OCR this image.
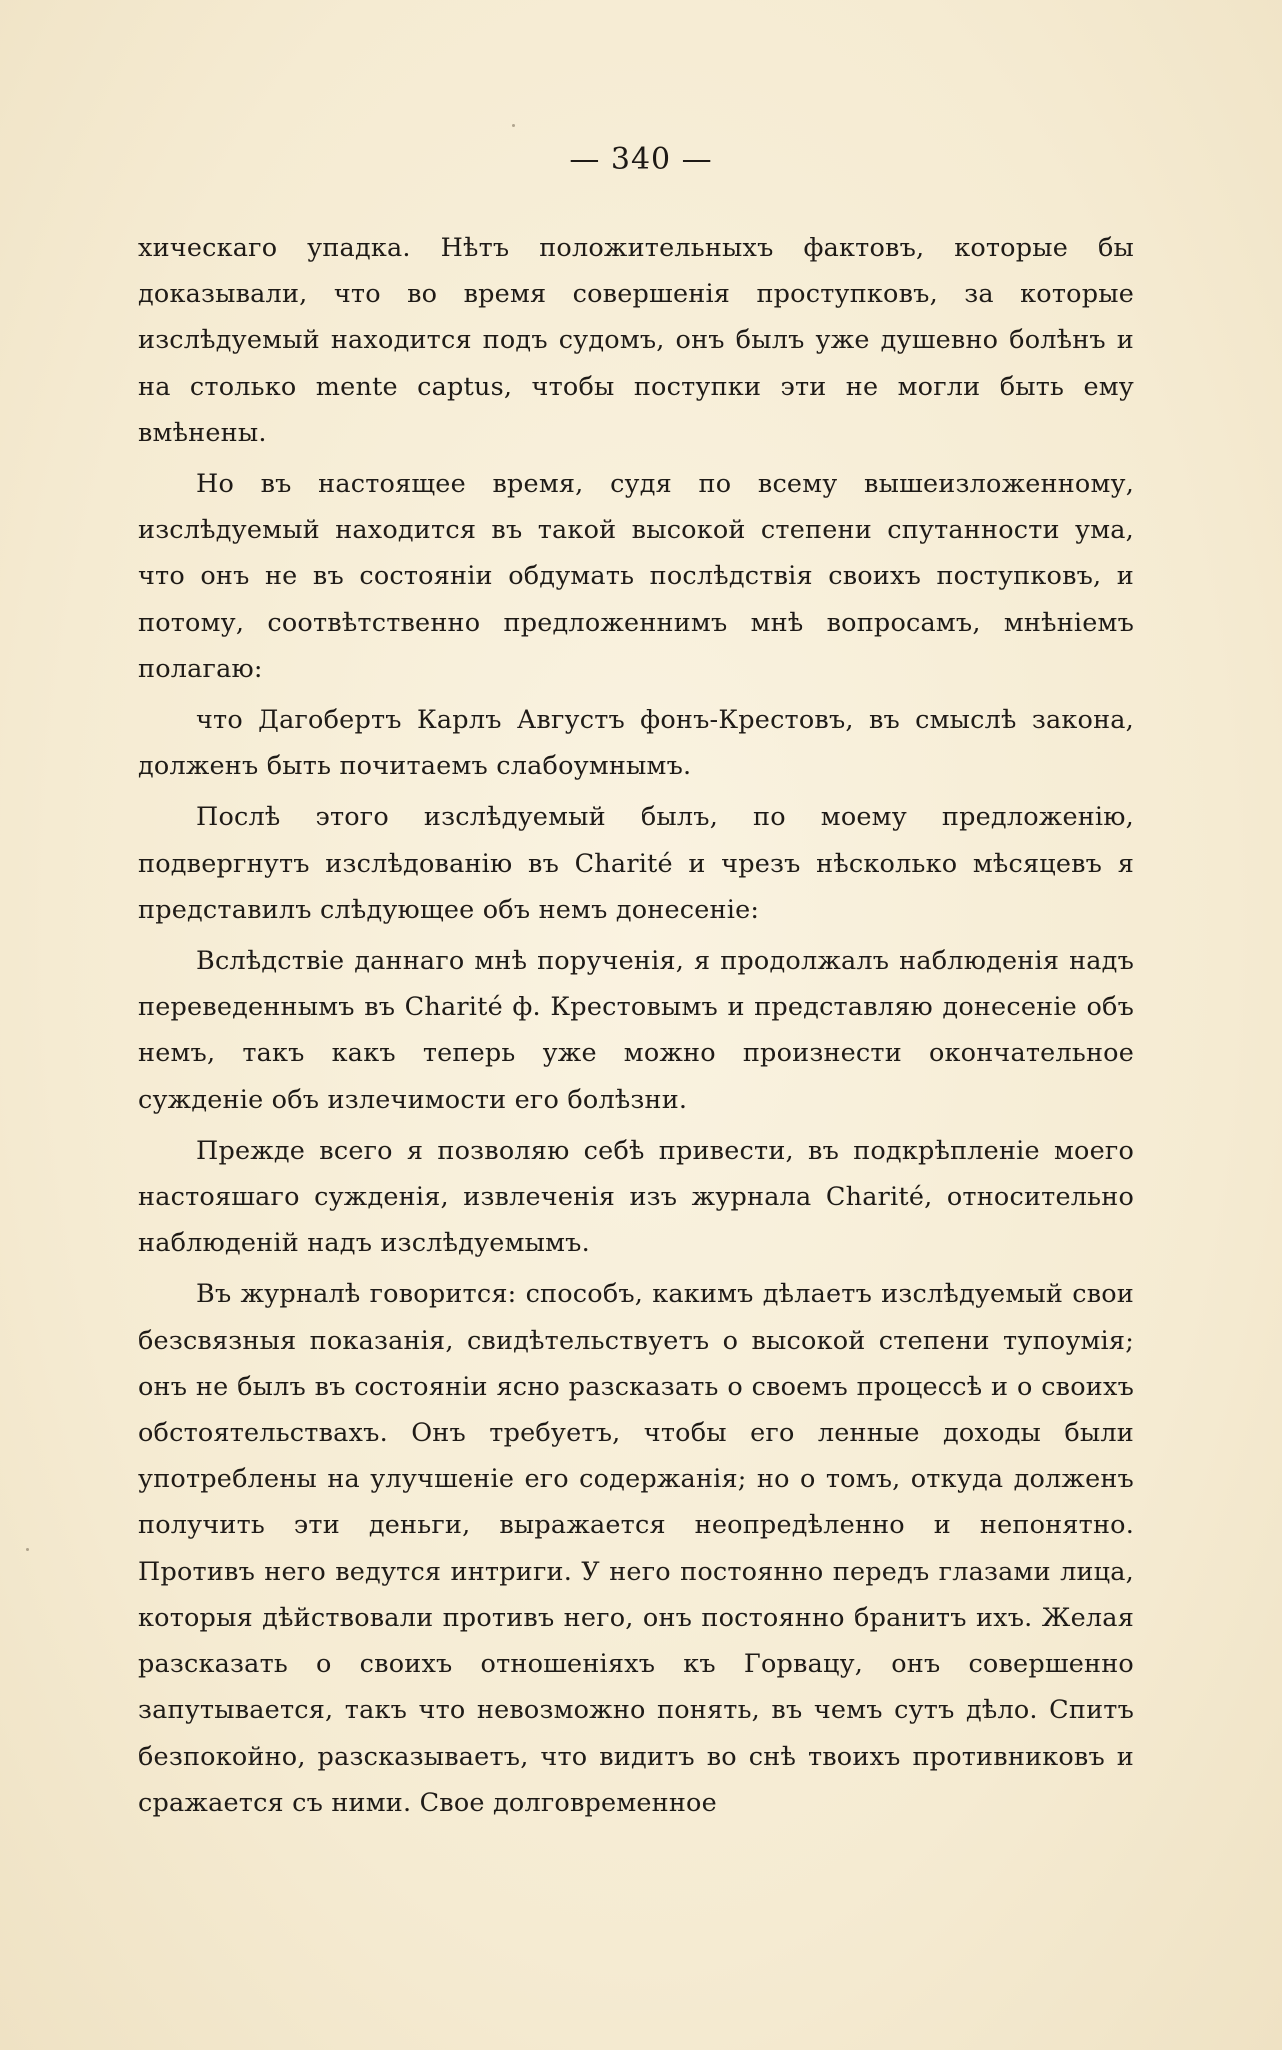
— 340 —

хическаго упадка. Нѣтъ положительныхъ фактовъ, которые бы доказывали, что во время совершенія проступковъ, за которые изслѣдуемый находится подъ судомъ, онъ былъ уже душевно болѣнъ и на столько mente captus, чтобы поступки эти не могли быть ему вмѣнены.

Но въ настоящее время, судя по всему вышеизложенному, изслѣдуемый находится въ такой высокой степени спутанности ума, что онъ не въ состояніи обдумать послѣдствія своихъ поступковъ, и потому, соотвѣтственно предложеннимъ мнѣ вопросамъ, мнѣніемъ полагаю:

что Дагобертъ Карлъ Августъ фонъ-Крестовъ, въ смыслѣ закона, долженъ быть почитаемъ слабоумнымъ.

Послѣ этого изслѣдуемый былъ, по моему предложенію, подвергнутъ изслѣдованію въ Charité и чрезъ нѣсколько мѣсяцевъ я представилъ слѣдующее объ немъ донесеніе:

Вслѣдствіе даннаго мнѣ порученія, я продолжалъ наблюденія надъ переведеннымъ въ Charité ф. Крестовымъ и представляю донесеніе объ немъ, такъ какъ теперь уже можно произнести окончательное сужденіе объ излечимости его болѣзни.

Прежде всего я позволяю себѣ привести, въ подкрѣпленіе моего настояшаго сужденія, извлеченія изъ журнала Charité, относительно наблюденій надъ изслѣдуемымъ.

Въ журналѣ говорится: способъ, какимъ дѣлаетъ изслѣдуемый свои безсвязныя показанія, свидѣтельствуетъ о высокой степени тупоумія; онъ не былъ въ состояніи ясно разсказать о своемъ процессѣ и о своихъ обстоятельствахъ. Онъ требуетъ, чтобы его ленные доходы были употреблены на улучшеніе его содержанія; но о томъ, откуда долженъ получить эти деньги, выражается неопредѣленно и непонятно. Противъ него ведутся интриги. У него постоянно передъ глазами лица, которыя дѣйствовали противъ него, онъ постоянно бранитъ ихъ. Желая разсказать о своихъ отношеніяхъ къ Горвацу, онъ совершенно запутывается, такъ что невозможно понять, въ чемъ сутъ дѣло. Спитъ безпокойно, разсказываетъ, что видитъ во снѣ твоихъ противниковъ и сражается съ ними. Свое долговременное
